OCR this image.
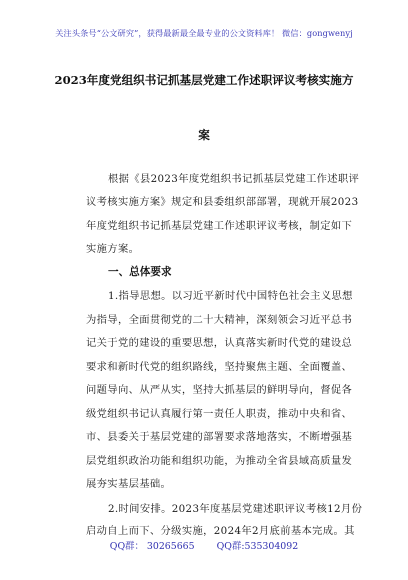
关注头条号“公文研究”，获得最新最全最专业的公文资料库！ 微信：gongwenyj
2023年度党组织书记抓基层党建工作述职评议考核实施方
案
根据《县2023年度党组织书记抓基层党建工作述职评
议考核实施方案》规定和县委组织部部署，现就开展2023
年度党组织书记抓基层党建工作述职评议考核，制定如下
实施方案。
一、总体要求
1.指导思想。以习近平新时代中国特色社会主义思想
为指导，全面贯彻党的二十大精神，深刻领会习近平总书
记关于党的建设的重要思想，认真落实新时代党的建设总
要求和新时代党的组织路线，坚持聚焦主题、全面覆盖、
问题导向、从严从实，坚持大抓基层的鲜明导向，督促各
级党组织书记认真履行第一责任人职责，推动中央和省、
市、县委关于基层党建的部署要求落地落实，不断增强基
层党组织政治功能和组织功能，为推动全省县域高质量发
展夯实基层基础。
2.时间安排。2023年度基层党建述职评议考核12月份
启动自上而下、分级实施，2024年2月底前基本完成。其
QQ群： 30265665 QQ群:535304092
